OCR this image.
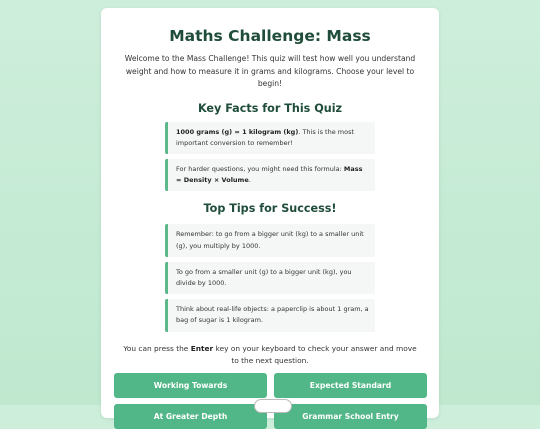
Maths Challenge: Mass

Welcome to the Mass Challenge! This quiz will test how well you understand weight and how to measure it in grams and kilograms. Choose your level to begin!

Key Facts for This Quiz
1000 grams (g) = 1 kilogram (kg). This is the most important conversion to remember!
For harder questions, you might need this formula: Mass = Density × Volume.
Top Tips for Success!
Remember: to go from a bigger unit (kg) to a smaller unit (g), you multiply by 1000.
To go from a smaller unit (g) to a bigger unit (kg), you divide by 1000.
Think about real-life objects: a paperclip is about 1 gram, a bag of sugar is 1 kilogram.

You can press the Enter key on your keyboard to check your answer and move to the next question.

Working Towards	Expected Standard
At Greater Depth	Grammar School Entry
